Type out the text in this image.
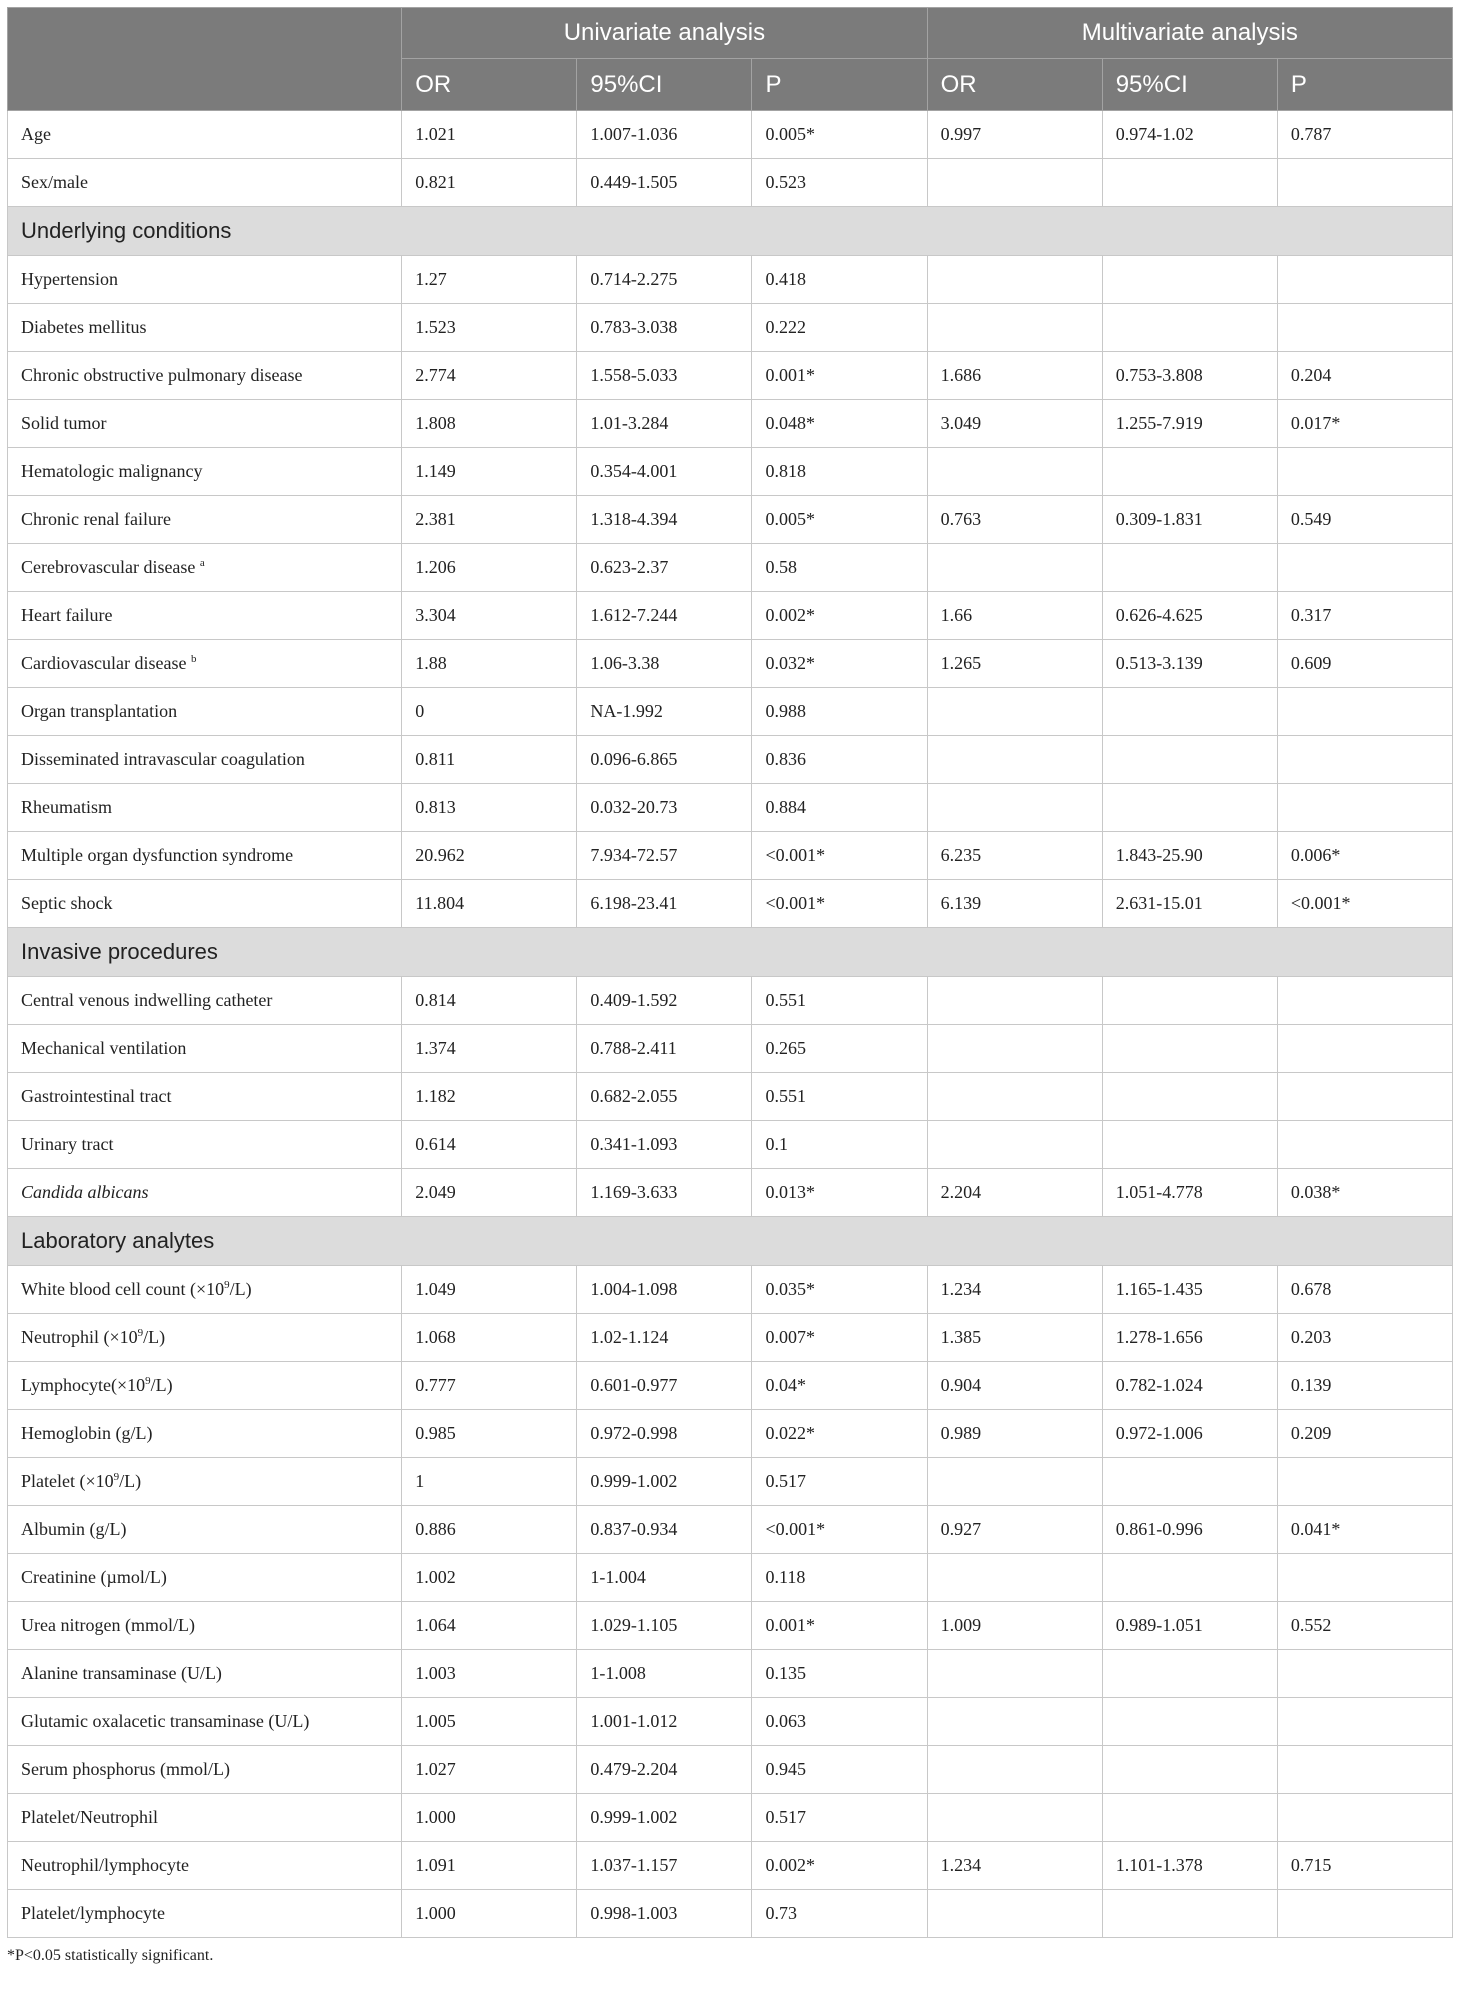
	Univariate analysis			Multivariate analysis		
	OR	95%CI	P	OR	95%CI	P
Age	1.021	1.007-1.036	0.005*	0.997	0.974-1.02	0.787
Sex/male	0.821	0.449-1.505	0.523			
Underlying conditions						
Hypertension	1.27	0.714-2.275	0.418			
Diabetes mellitus	1.523	0.783-3.038	0.222			
Chronic obstructive pulmonary disease	2.774	1.558-5.033	0.001*	1.686	0.753-3.808	0.204
Solid tumor	1.808	1.01-3.284	0.048*	3.049	1.255-7.919	0.017*
Hematologic malignancy	1.149	0.354-4.001	0.818			
Chronic renal failure	2.381	1.318-4.394	0.005*	0.763	0.309-1.831	0.549
Cerebrovascular disease $^a$	1.206	0.623-2.37	0.58			
Heart failure	3.304	1.612-7.244	0.002*	1.66	0.626-4.625	0.317
Cardiovascular disease $^b$	1.88	1.06-3.38	0.032*	1.265	0.513-3.139	0.609
Organ transplantation	0	NA-1.992	0.988			
Disseminated intravascular coagulation	0.811	0.096-6.865	0.836			
Rheumatism	0.813	0.032-20.73	0.884			
Multiple organ dysfunction syndrome	20.962	7.934-72.57	<0.001*	6.235	1.843-25.90	0.006*
Septic shock	11.804	6.198-23.41	<0.001*	6.139	2.631-15.01	<0.001*
Invasive procedures						
Central venous indwelling catheter	0.814	0.409-1.592	0.551			
Mechanical ventilation	1.374	0.788-2.411	0.265			
Gastrointestinal tract	1.182	0.682-2.055	0.551			
Urinary tract	0.614	0.341-1.093	0.1			
Candida albicans	2.049	1.169-3.633	0.013*	2.204	1.051-4.778	0.038*
Laboratory analytes						
White blood cell count $(\times 10^9/L)$	1.049	1.004-1.098	0.035*	1.234	1.165-1.435	0.678
Neutrophil $(\times 10^9/L)$	1.068	1.02-1.124	0.007*	1.385	1.278-1.656	0.203
$Lymphocyte(\times 10^9/L)$	0.777	0.601-0.977	0.04*	0.904	0.782-1.024	0.139
Hemoglobin (g/L)	0.985	0.972-0.998	0.022*	0.989	0.972-1.006	0.209
Platelet $(\times 10^9/L)$	1	0.999-1.002	0.517			
Albumin (g/L)	0.886	0.837-0.934	<0.001*	0.927	0.861-0.996	0.041*
Creatinine (µmol/L)	1.002	1-1.004	0.118			
Urea nitrogen (mmol/L)	1.064	1.029-1.105	0.001*	1.009	0.989-1.051	0.552
Alanine transaminase (U/L)	1.003	1-1.008	0.135			
Glutamic oxalacetic transaminase (U/L)	1.005	1.001-1.012	0.063			
Serum phosphorus (mmol/L)	1.027	0.479-2.204	0.945			
Platelet/Neutrophil	1.000	0.999-1.002	0.517			
Neutrophil/lymphocyte	1.091	1.037-1.157	0.002*	1.234	1.101-1.378	0.715
Platelet/lymphocyte	1.000	0.998-1.003	0.73			
*P<0.05 statistically significant.
